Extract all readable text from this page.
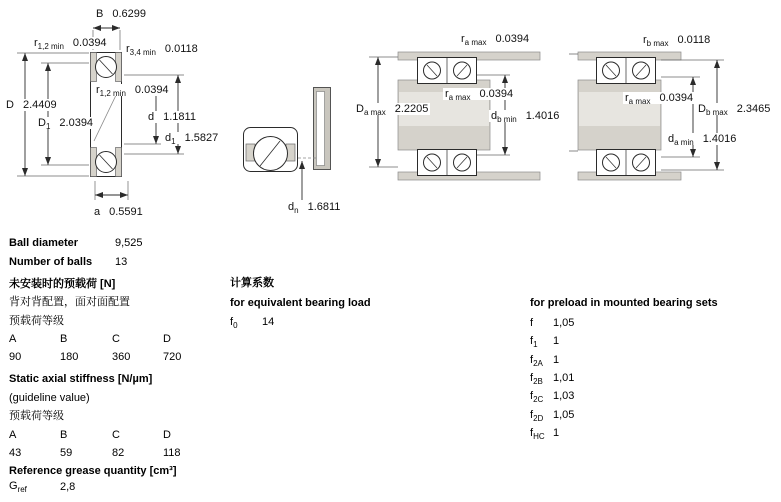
B 0.6299
$r_{1,2 min}$ 0.0394 $r_{3,4 min}$ 0.0118
D 2.4409
$D_1$ 2.0394
$r_{1,2 min}$ 0.0394
d 1.1811
$d_1$ 1.5827
a 0.5591	$d_n$ 1.6811
$r_{a max}$ 0.0394
$D_{a max}$ 2.2205
$r_{a max}$ 0.0394
$d_{b min}$ 1.4016
$r_{b max}$ 0.0118
$r_{a max}$ 0.0394
$D_{b max}$ 2.3465
$d_{a min}$ 1.4016
Ball diameter	9,525
Number of balls 13
未安装时的预载荷 [N]
背对背配置，面对面配置
预载荷等级
A	B	C	D
90	180	360	720
Static axial stiffness [N/µm]
(guideline value)
预载荷等级
A	B	C	D
43	59	82	118
Reference grease quantity [cm³]
$G_{ref}$	2,8
计算系数
for equivalent bearing load
$f_0$ 14
for preload in mounted bearing sets
f 1,05
$f_1$ 1
$f_{2A}$ 1
$f_{2B}$ 1,01
$f_{2C}$ 1,03
$f_{2D}$ 1,05
$f_{HC}$ 1
